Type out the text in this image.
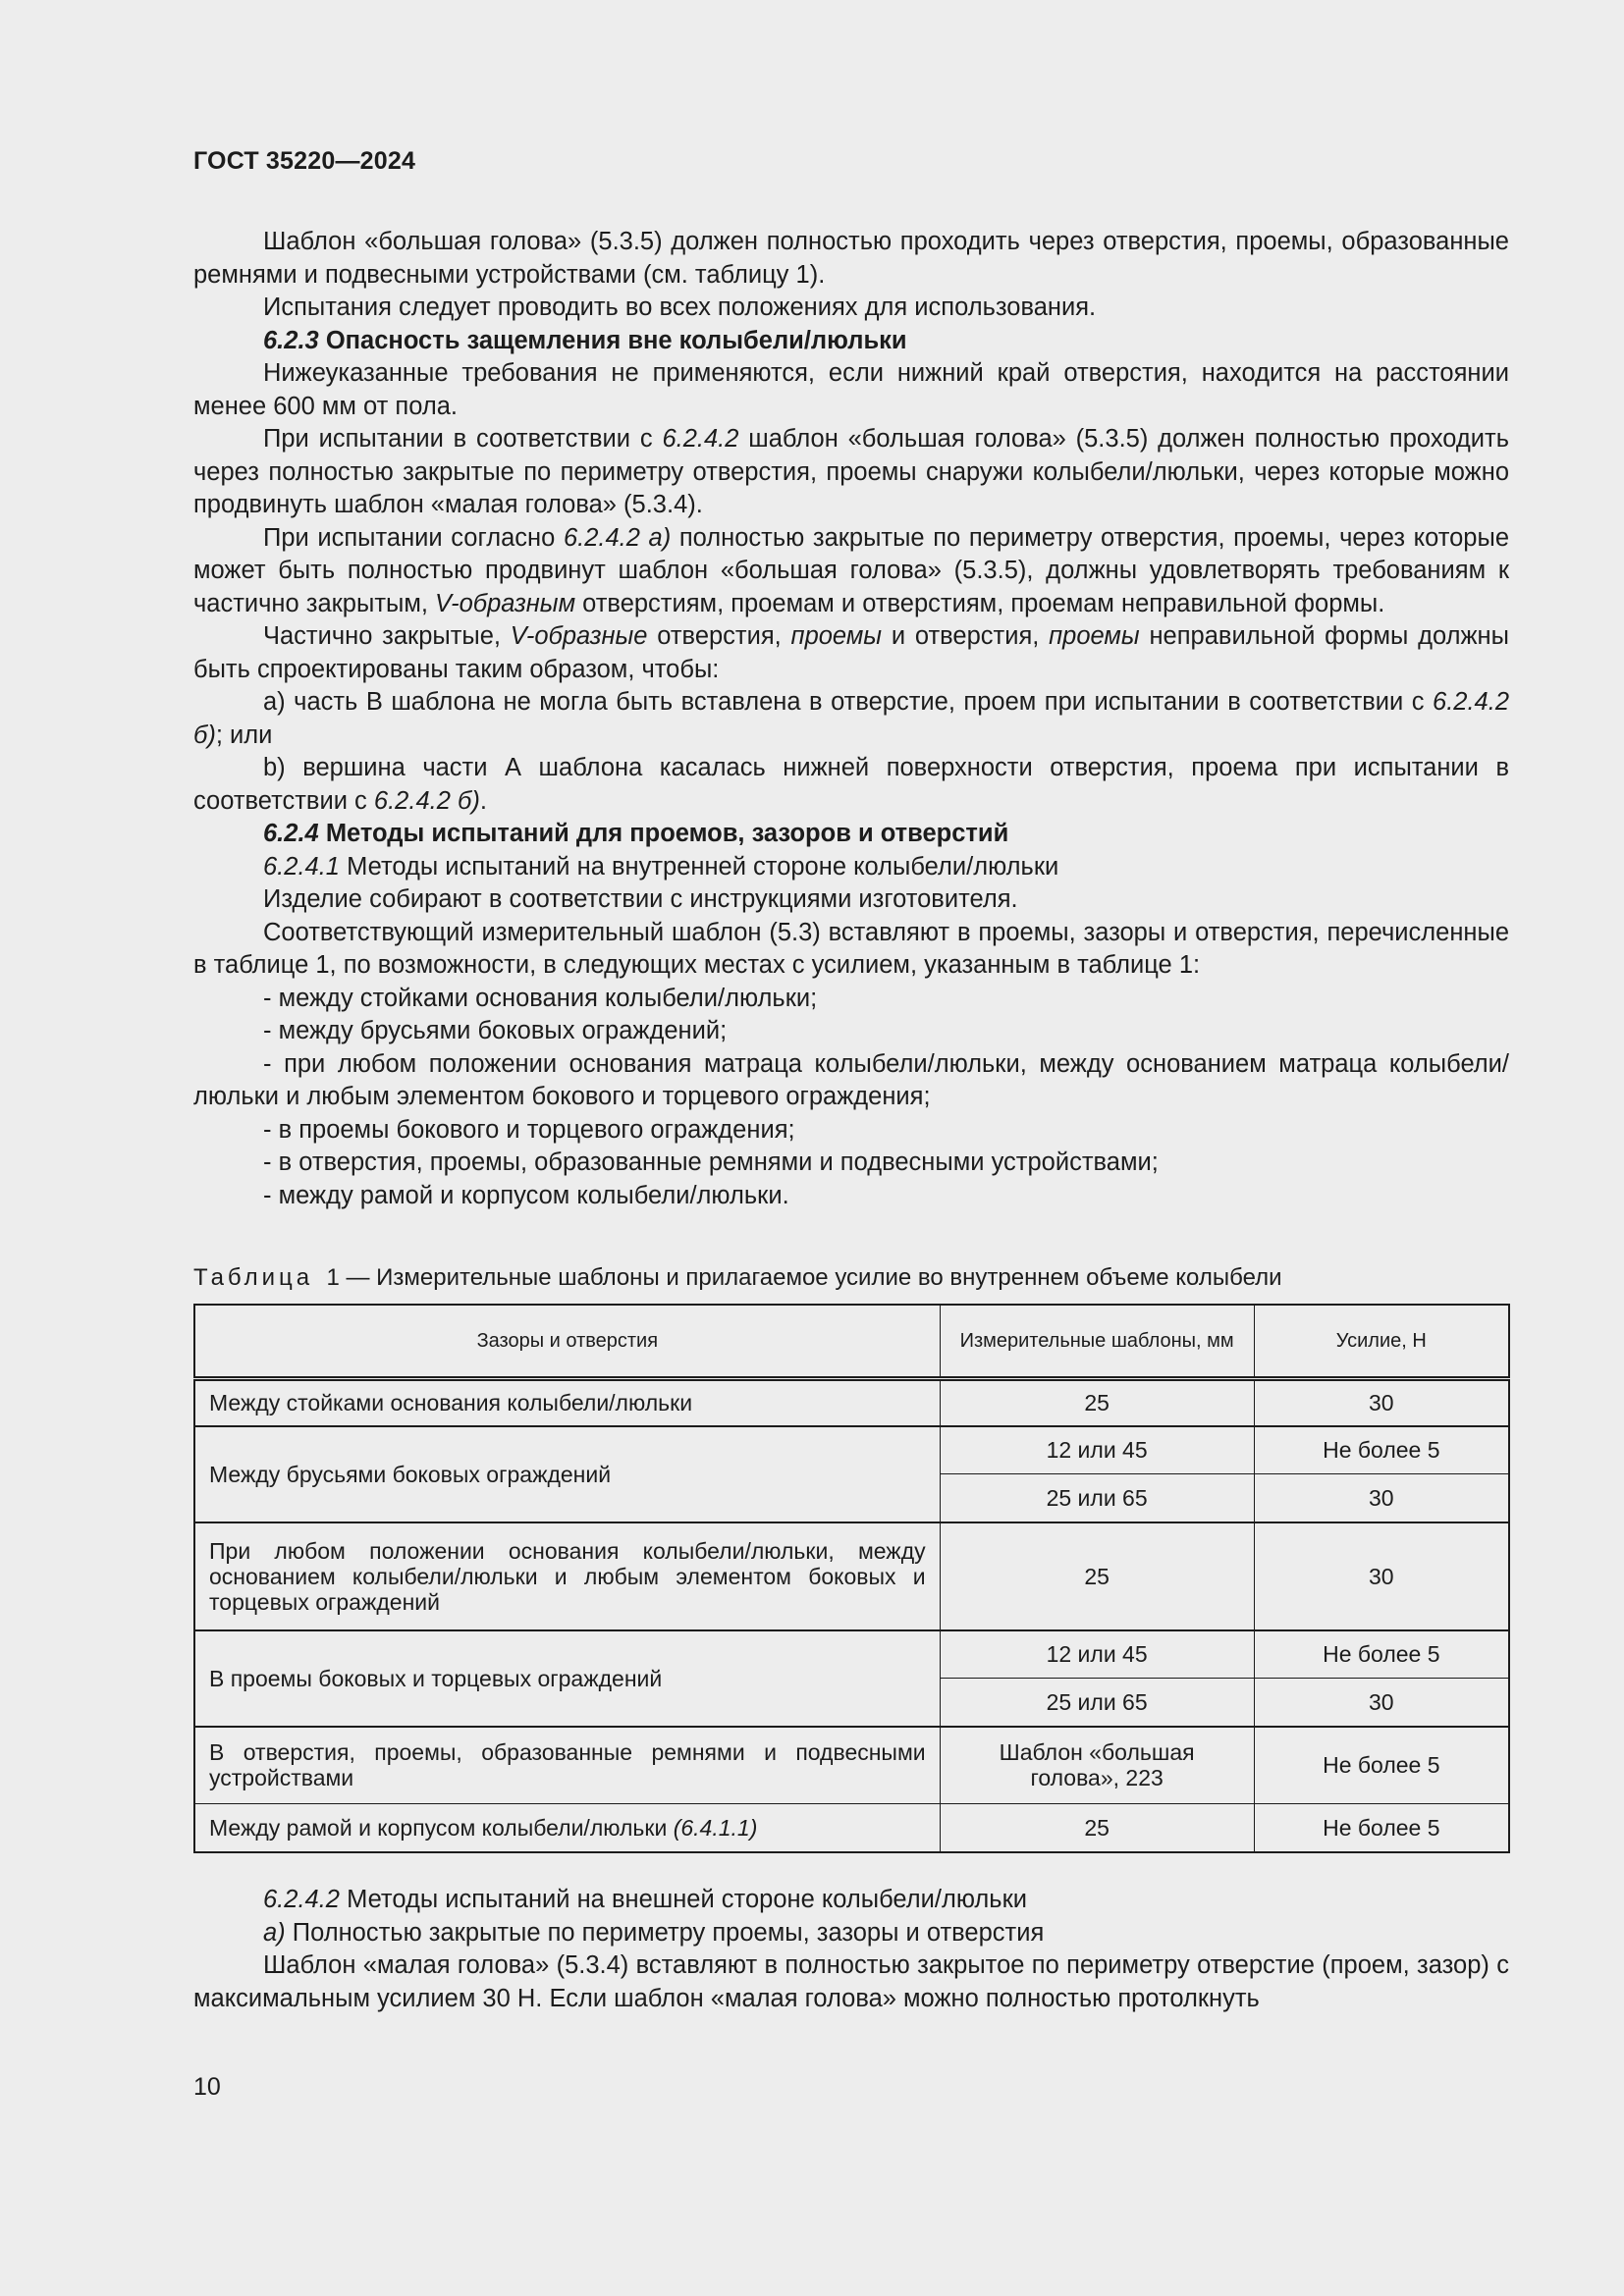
ГОСТ 35220—2024

Шаблон «большая голова» (5.3.5) должен полностью проходить через отверстия, проемы, образованные ремнями и подвесными устройствами (см. таблицу 1).

Испытания следует проводить во всех положениях для использования.

6.2.3 Опасность защемления вне колыбели/люльки

Нижеуказанные требования не применяются, если нижний край отверстия, находится на расстоянии менее 600 мм от пола.

При испытании в соответствии с 6.2.4.2 шаблон «большая голова» (5.3.5) должен полностью проходить через полностью закрытые по периметру отверстия, проемы снаружи колыбели/люльки, через которые можно продвинуть шаблон «малая голова» (5.3.4).

При испытании согласно 6.2.4.2 а) полностью закрытые по периметру отверстия, проемы, через которые может быть полностью продвинут шаблон «большая голова» (5.3.5), должны удовлетворять требованиям к частично закрытым, V-образным отверстиям, проемам и отверстиям, проемам неправильной формы.

Частично закрытые, V-образные отверстия, проемы и отверстия, проемы неправильной формы должны быть спроектированы таким образом, чтобы:

a) часть В шаблона не могла быть вставлена в отверстие, проем при испытании в соответствии с 6.2.4.2 б); или

b) вершина части А шаблона касалась нижней поверхности отверстия, проема при испытании в соответствии с 6.2.4.2 б).

6.2.4 Методы испытаний для проемов, зазоров и отверстий

6.2.4.1 Методы испытаний на внутренней стороне колыбели/люльки

Изделие собирают в соответствии с инструкциями изготовителя.

Соответствующий измерительный шаблон (5.3) вставляют в проемы, зазоры и отверстия, перечисленные в таблице 1, по возможности, в следующих местах с усилием, указанным в таблице 1:

- между стойками основания колыбели/люльки;

- между брусьями боковых ограждений;

- при любом положении основания матраца колыбели/люльки, между основанием матраца колыбели/люльки и любым элементом бокового и торцевого ограждения;

- в проемы бокового и торцевого ограждения;

- в отверстия, проемы, образованные ремнями и подвесными устройствами;

- между рамой и корпусом колыбели/люльки.

Таблица 1 — Измерительные шаблоны и прилагаемое усилие во внутреннем объеме колыбели
Зазоры и отверстия	Измерительные шаблоны, мм	Усилие, Н
Между стойками основания колыбели/люльки	25	30
Между брусьями боковых ограждений	12 или 45	Не более 5
	25 или 65	30
При любом положении основания колыбели/люльки, между основанием колыбели/люльки и любым элементом боковых и торцевых ограждений	25	30
В проемы боковых и торцевых ограждений	12 или 45	Не более 5
	25 или 65	30
В отверстия, проемы, образованные ремнями и подвесными устройствами	Шаблон «большая голова», 223	Не более 5
Между рамой и корпусом колыбели/люльки (6.4.1.1)	25	Не более 5

6.2.4.2 Методы испытаний на внешней стороне колыбели/люльки

а) Полностью закрытые по периметру проемы, зазоры и отверстия

Шаблон «малая голова» (5.3.4) вставляют в полностью закрытое по периметру отверстие (проем, зазор) с максимальным усилием 30 Н. Если шаблон «малая голова» можно полностью протолкнуть

10
